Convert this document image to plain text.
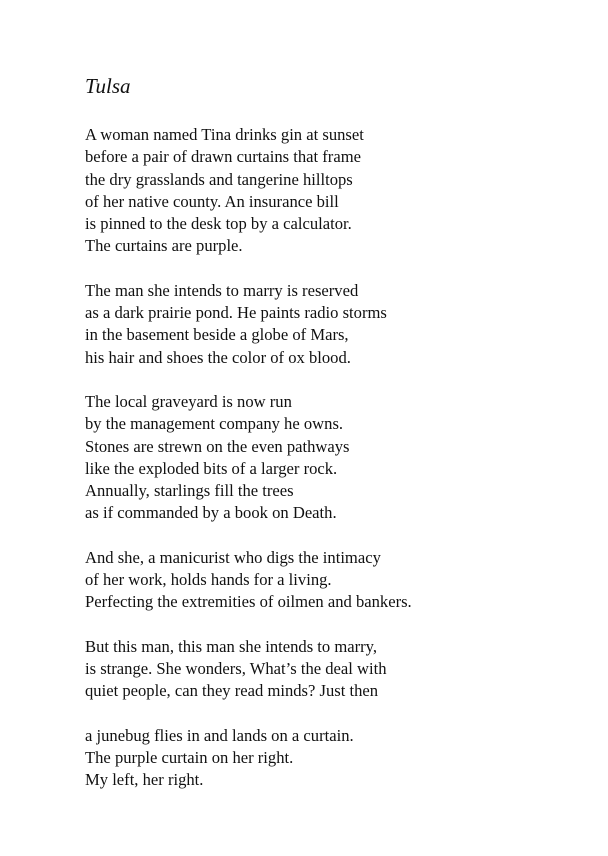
Tulsa
A woman named Tina drinks gin at sunset
before a pair of drawn curtains that frame
the dry grasslands and tangerine hilltops
of her native county. An insurance bill
is pinned to the desk top by a calculator.
The curtains are purple.
The man she intends to marry is reserved
as a dark prairie pond. He paints radio storms
in the basement beside a globe of Mars,
his hair and shoes the color of ox blood.
The local graveyard is now run
by the management company he owns.
Stones are strewn on the even pathways
like the exploded bits of a larger rock.
Annually, starlings fill the trees
as if commanded by a book on Death.
And she, a manicurist who digs the intimacy
of her work, holds hands for a living.
Perfecting the extremities of oilmen and bankers.
But this man, this man she intends to marry,
is strange. She wonders, What’s the deal with
quiet people, can they read minds? Just then
a junebug flies in and lands on a curtain.
The purple curtain on her right.
My left, her right.
